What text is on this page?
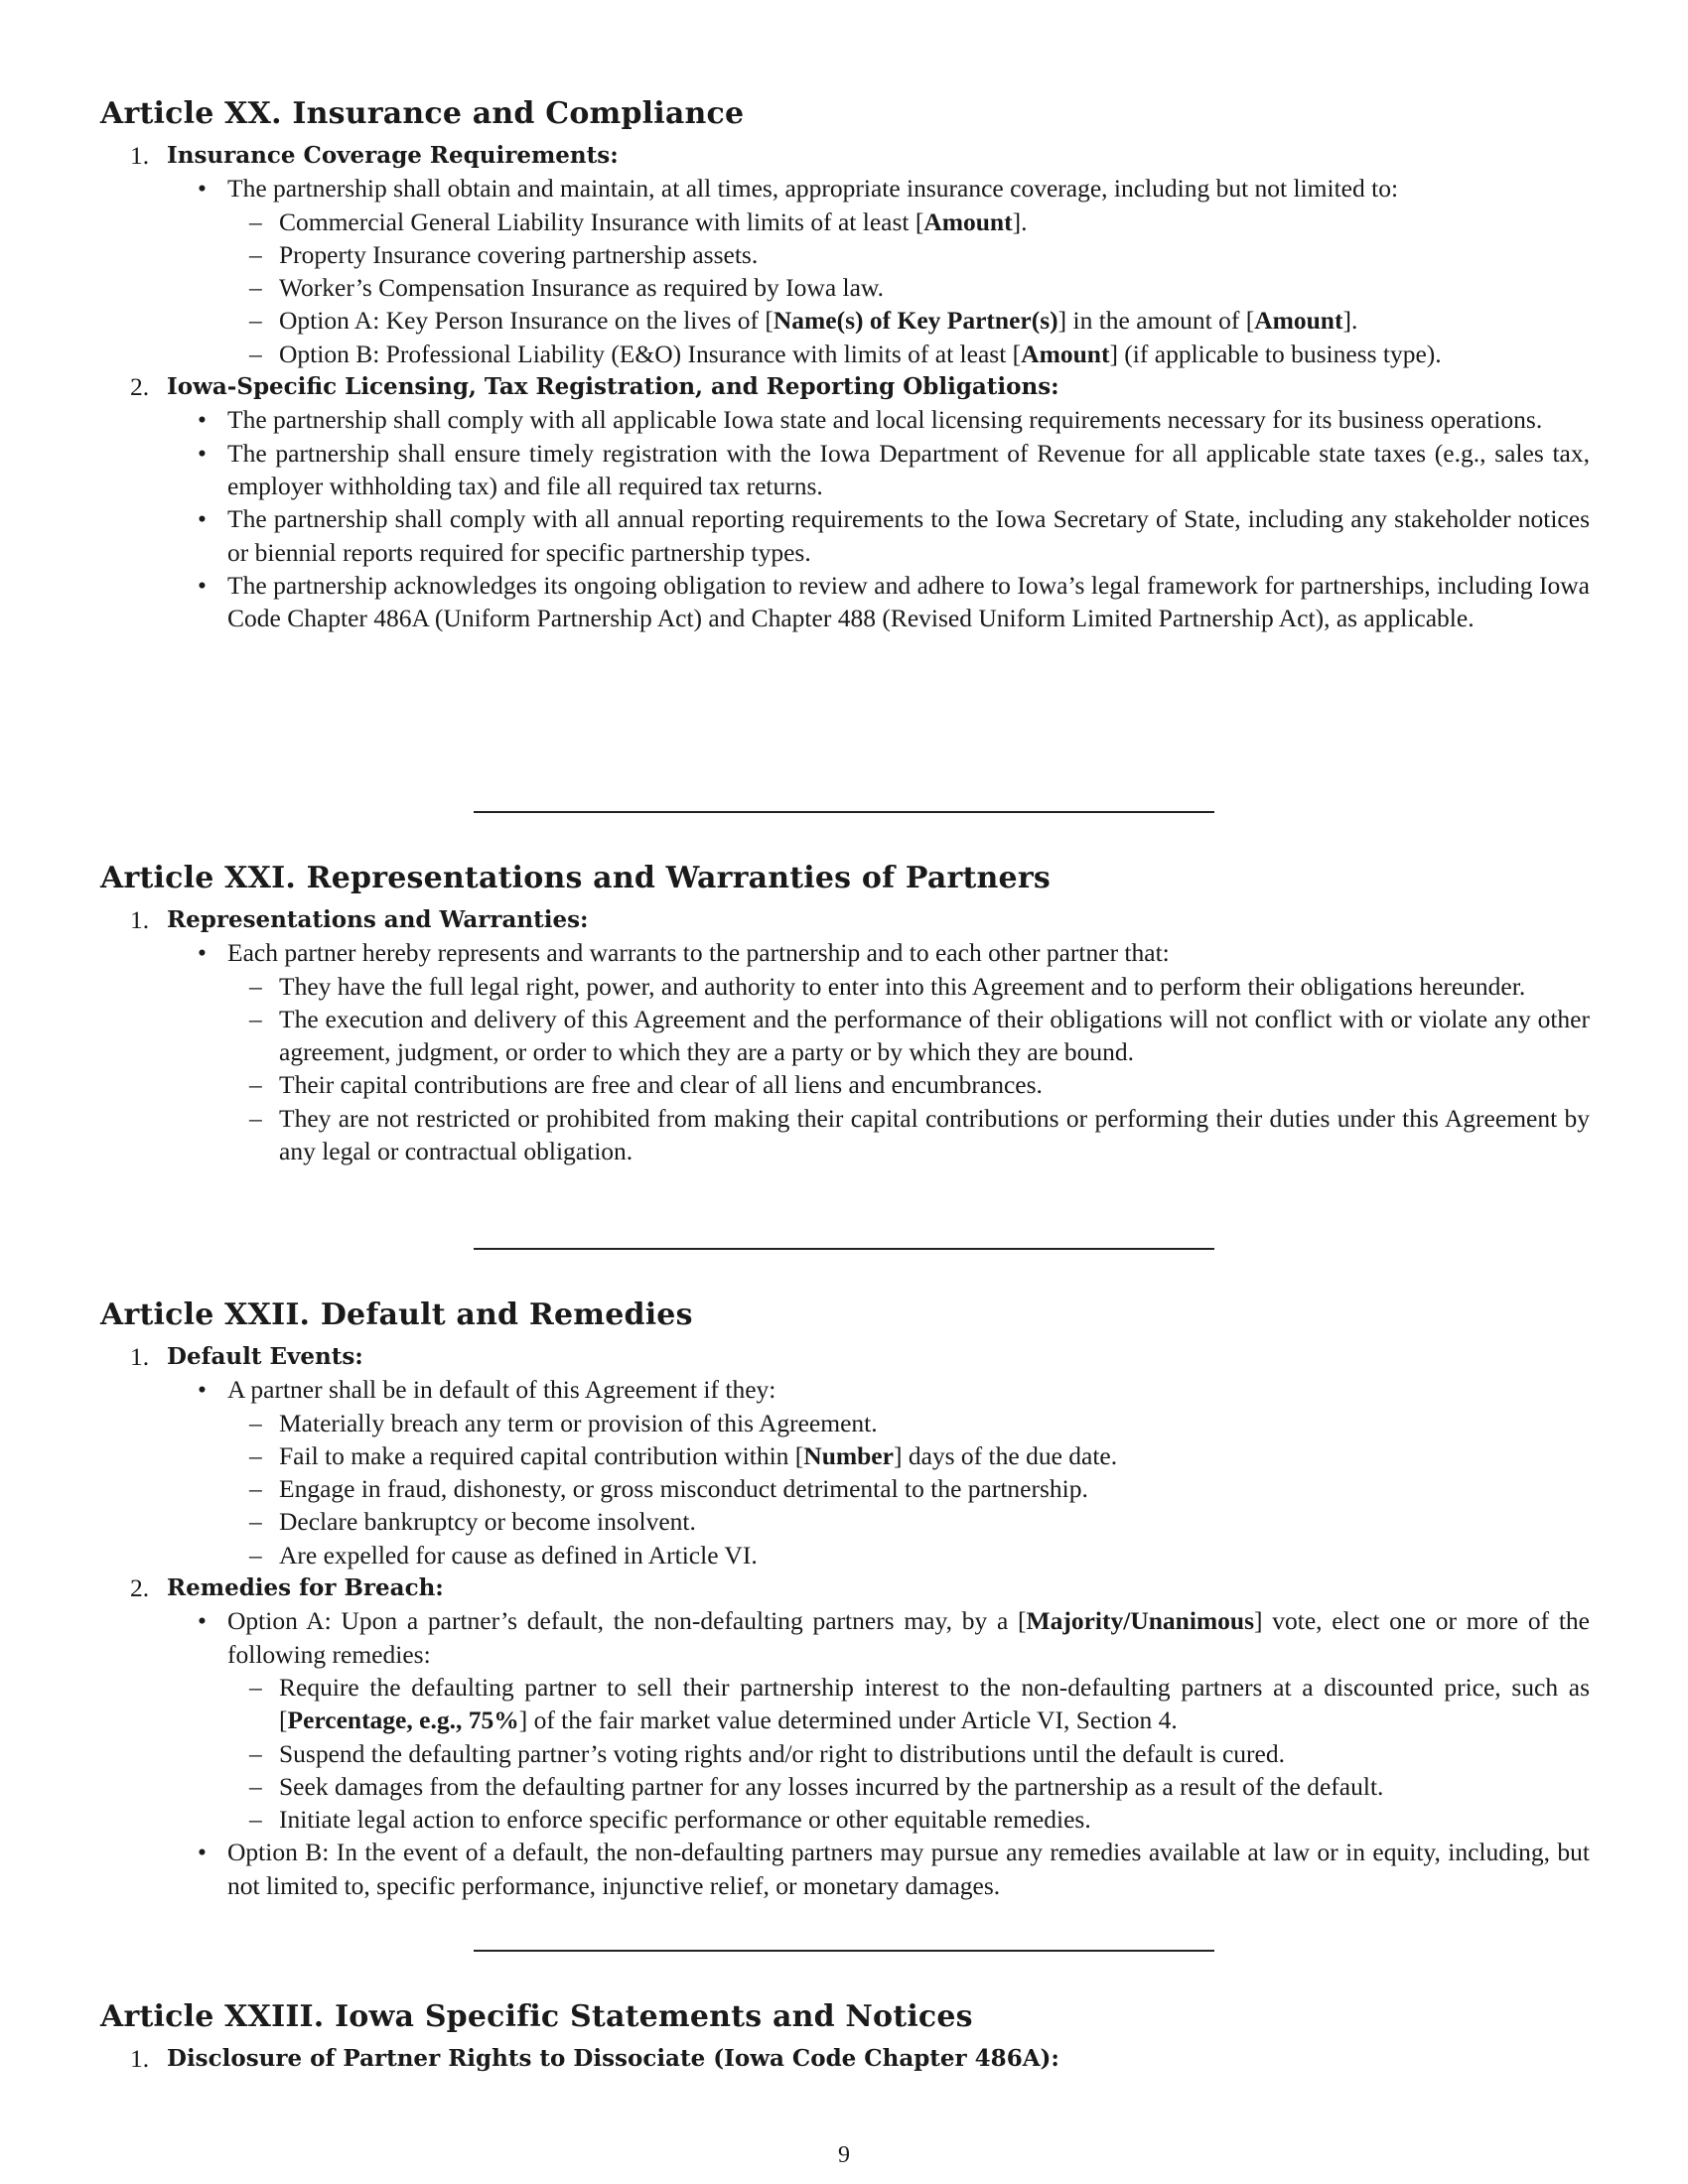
Article XX. Insurance and Compliance
1. Insurance Coverage Requirements:
• The partnership shall obtain and maintain, at all times, appropriate insurance coverage, including but not limited to:
– Commercial General Liability Insurance with limits of at least [Amount].
– Property Insurance covering partnership assets.
– Worker’s Compensation Insurance as required by Iowa law.
– Option A: Key Person Insurance on the lives of [Name(s) of Key Partner(s)] in the amount of [Amount].
– Option B: Professional Liability (E&O) Insurance with limits of at least [Amount] (if applicable to business type).
2. Iowa-Specific Licensing, Tax Registration, and Reporting Obligations:
• The partnership shall comply with all applicable Iowa state and local licensing requirements necessary for its business operations.
• The partnership shall ensure timely registration with the Iowa Department of Revenue for all applicable state taxes (e.g., sales tax, employer withholding tax) and file all required tax returns.
• The partnership shall comply with all annual reporting requirements to the Iowa Secretary of State, including any stakeholder notices or biennial reports required for specific partnership types.
• The partnership acknowledges its ongoing obligation to review and adhere to Iowa’s legal framework for partnerships, including Iowa Code Chapter 486A (Uniform Partnership Act) and Chapter 488 (Revised Uniform Limited Partnership Act), as applicable.
Article XXI. Representations and Warranties of Partners
1. Representations and Warranties:
• Each partner hereby represents and warrants to the partnership and to each other partner that:
– They have the full legal right, power, and authority to enter into this Agreement and to perform their obligations hereunder.
– The execution and delivery of this Agreement and the performance of their obligations will not conflict with or violate any other agreement, judgment, or order to which they are a party or by which they are bound.
– Their capital contributions are free and clear of all liens and encumbrances.
– They are not restricted or prohibited from making their capital contributions or performing their duties under this Agreement by any legal or contractual obligation.
Article XXII. Default and Remedies
1. Default Events:
• A partner shall be in default of this Agreement if they:
– Materially breach any term or provision of this Agreement.
– Fail to make a required capital contribution within [Number] days of the due date.
– Engage in fraud, dishonesty, or gross misconduct detrimental to the partnership.
– Declare bankruptcy or become insolvent.
– Are expelled for cause as defined in Article VI.
2. Remedies for Breach:
• Option A: Upon a partner’s default, the non-defaulting partners may, by a [Majority/Unanimous] vote, elect one or more of the following remedies:
– Require the defaulting partner to sell their partnership interest to the non-defaulting partners at a discounted price, such as [Percentage, e.g., 75%] of the fair market value determined under Article VI, Section 4.
– Suspend the defaulting partner’s voting rights and/or right to distributions until the default is cured.
– Seek damages from the defaulting partner for any losses incurred by the partnership as a result of the default.
– Initiate legal action to enforce specific performance or other equitable remedies.
• Option B: In the event of a default, the non-defaulting partners may pursue any remedies available at law or in equity, including, but not limited to, specific performance, injunctive relief, or monetary damages.
Article XXIII. Iowa Specific Statements and Notices
1. Disclosure of Partner Rights to Dissociate (Iowa Code Chapter 486A):
9
